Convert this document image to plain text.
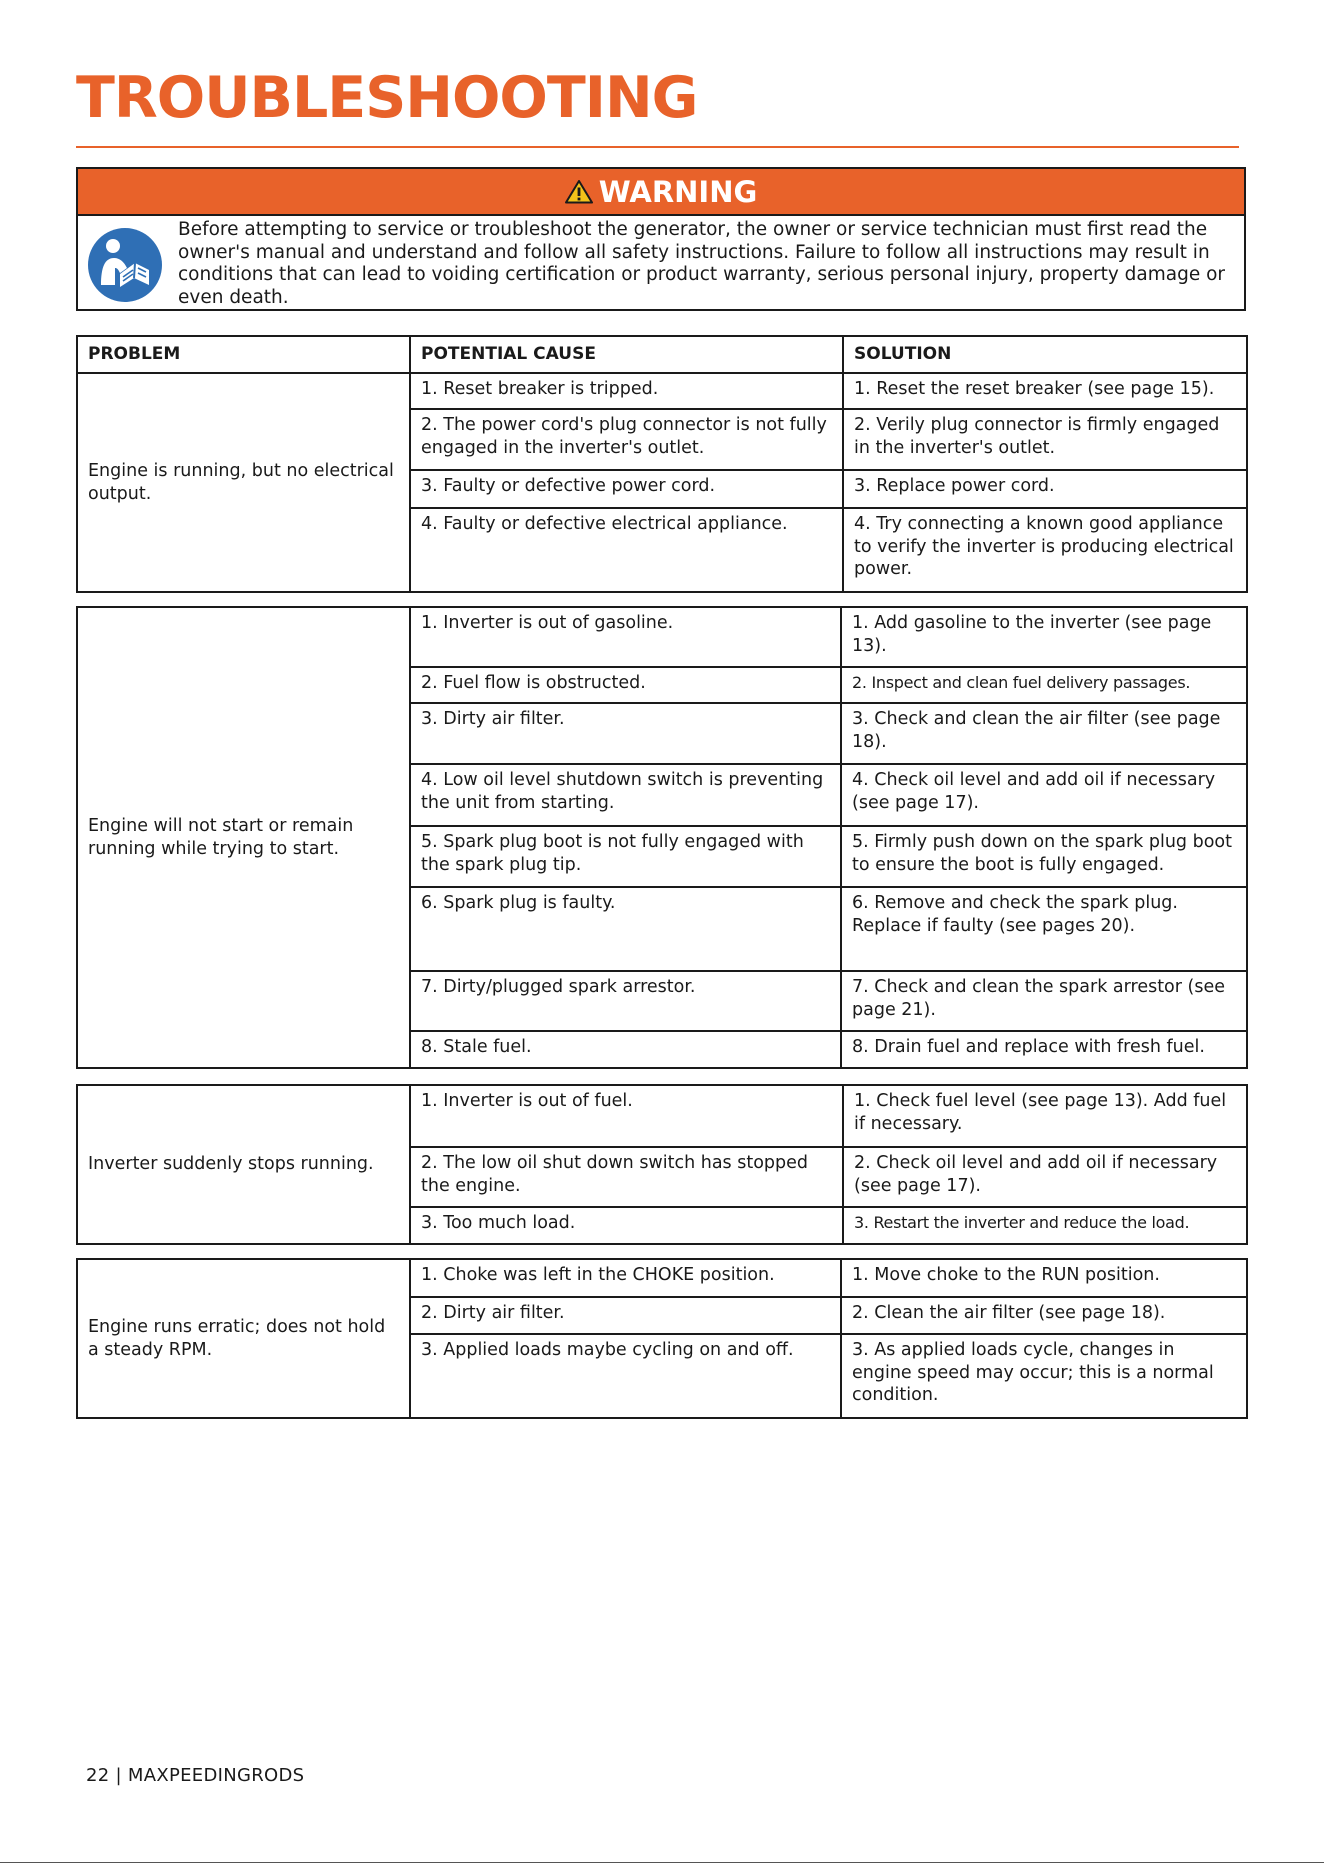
TROUBLESHOOTING
WARNING
Before attempting to service or troubleshoot the generator, the owner or service technician must first read the owner's manual and understand and follow all safety instructions. Failure to follow all instructions may result in conditions that can lead to voiding certification or product warranty, serious personal injury, property damage or even death.
PROBLEM	POTENTIAL CAUSE	SOLUTION
Engine is running, but no electrical output.	1. Reset breaker is tripped.	1. Reset the reset breaker (see page 15).
	2. The power cord's plug connector is not fully engaged in the inverter's outlet.	2. Verily plug connector is firmly engaged in the inverter's outlet.
	3. Faulty or defective power cord.	3. Replace power cord.
	4. Faulty or defective electrical appliance.	4. Try connecting a known good appliance to verify the inverter is producing electrical power.
Engine will not start or remain running while trying to start.	1. Inverter is out of gasoline.	1. Add gasoline to the inverter (see page 13).
	2. Fuel flow is obstructed.	2. Inspect and clean fuel delivery passages.
	3. Dirty air filter.	3. Check and clean the air filter (see page 18).
	4. Low oil level shutdown switch is preventing the unit from starting.	4. Check oil level and add oil if necessary (see page 17).
	5. Spark plug boot is not fully engaged with the spark plug tip.	5. Firmly push down on the spark plug boot to ensure the boot is fully engaged.
	6. Spark plug is faulty.	6. Remove and check the spark plug. Replace if faulty (see pages 20).
	7. Dirty/plugged spark arrestor.	7. Check and clean the spark arrestor (see page 21).
	8. Stale fuel.	8. Drain fuel and replace with fresh fuel.
Inverter suddenly stops running.	1. Inverter is out of fuel.	1. Check fuel level (see page 13). Add fuel if necessary.
	2. The low oil shut down switch has stopped the engine.	2. Check oil level and add oil if necessary (see page 17).
	3. Too much load.	3. Restart the inverter and reduce the load.
Engine runs erratic; does not hold a steady RPM.	1. Choke was left in the CHOKE position.	1. Move choke to the RUN position.
	2. Dirty air filter.	2. Clean the air filter (see page 18).
	3. Applied loads maybe cycling on and off.	3. As applied loads cycle, changes in engine speed may occur; this is a normal condition.
22 | MAXPEEDINGRODS
